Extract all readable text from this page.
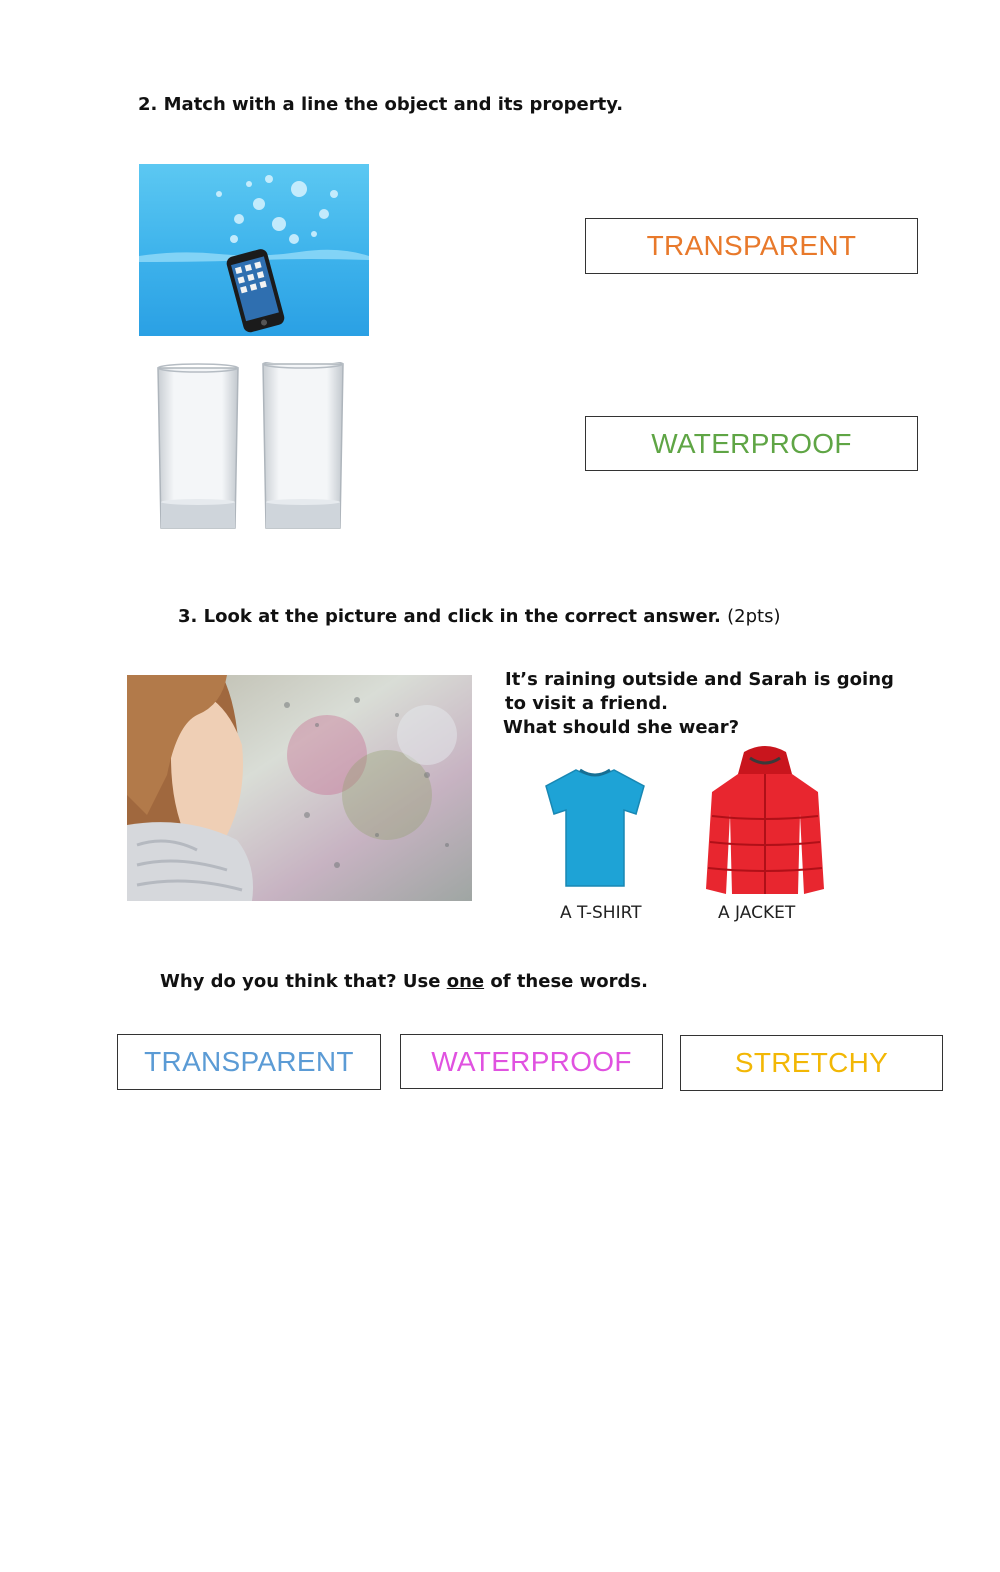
2. Match with a line the object and its property.
TRANSPARENT
WATERPROOF
3. Look at the picture and click in the correct answer. (2pts)
It’s raining outside and Sarah is going
to visit a friend.
What should she wear?
A T-SHIRT	A JACKET
Why do you think that? Use one of these words.
TRANSPARENT	WATERPROOF	STRETCHY
